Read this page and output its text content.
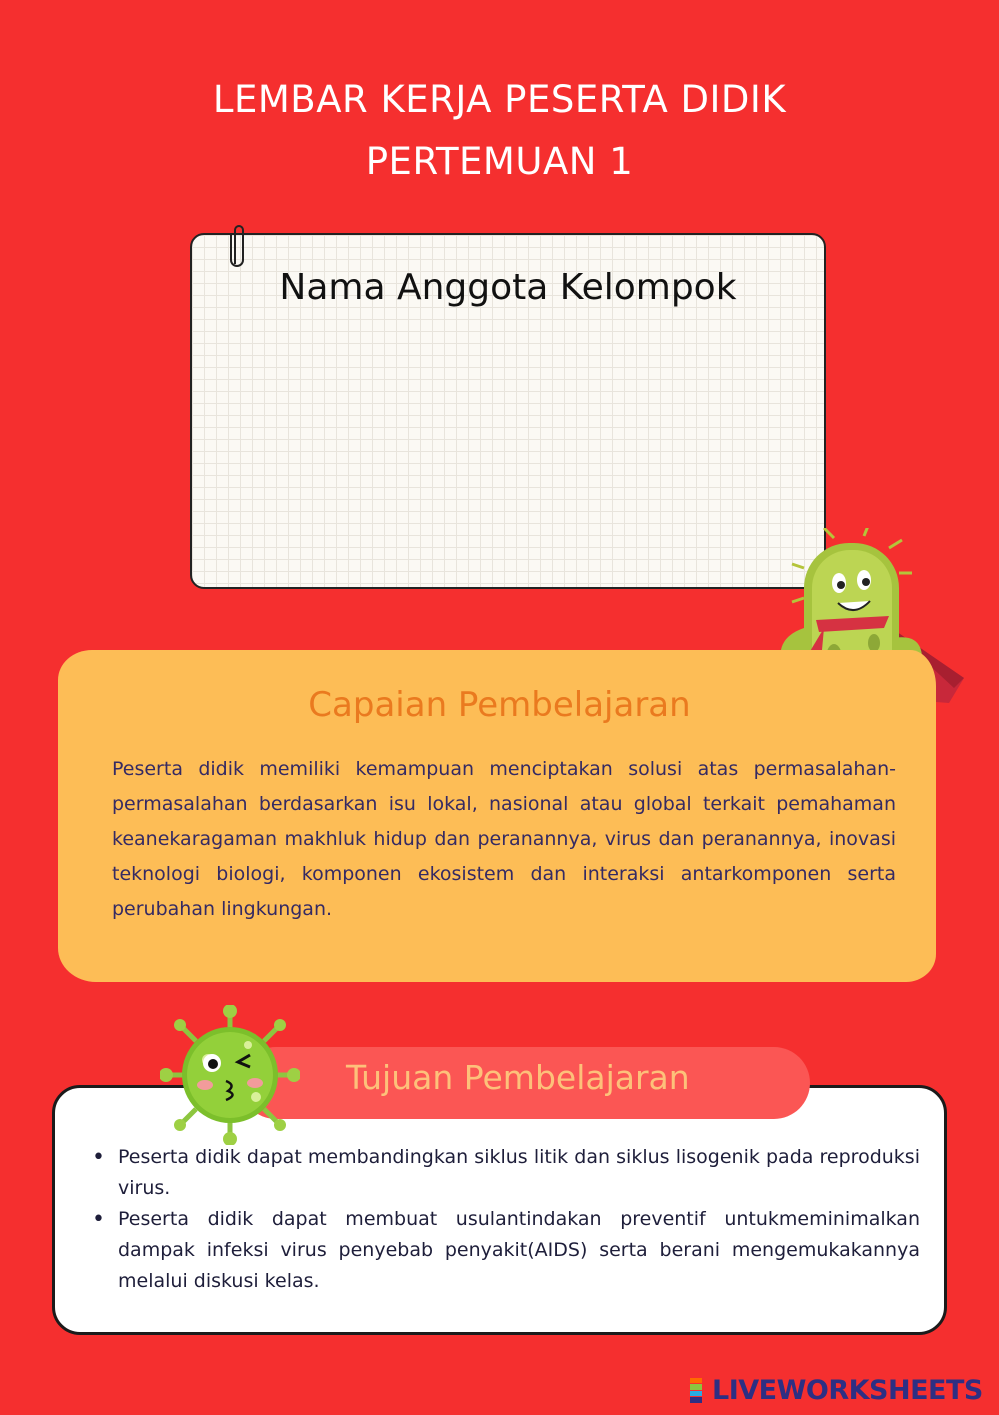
LEMBAR KERJA PESERTA DIDIK
PERTEMUAN 1
Nama Anggota Kelompok
Capaian Pembelajaran
Peserta didik memiliki kemampuan menciptakan solusi atas permasalahan-permasalahan berdasarkan isu lokal, nasional atau global terkait pemahaman keanekaragaman makhluk hidup dan peranannya, virus dan peranannya, inovasi teknologi biologi, komponen ekosistem dan interaksi antarkomponen serta perubahan lingkungan.
Tujuan Pembelajaran
• Peserta didik dapat membandingkan siklus litik dan siklus lisogenik pada reproduksi virus.
• Peserta didik dapat membuat usulantindakan preventif untukmeminimalkan dampak infeksi virus penyebab penyakit(AIDS) serta berani mengemukakannya melalui diskusi kelas.
LIVEWORKSHEETS
